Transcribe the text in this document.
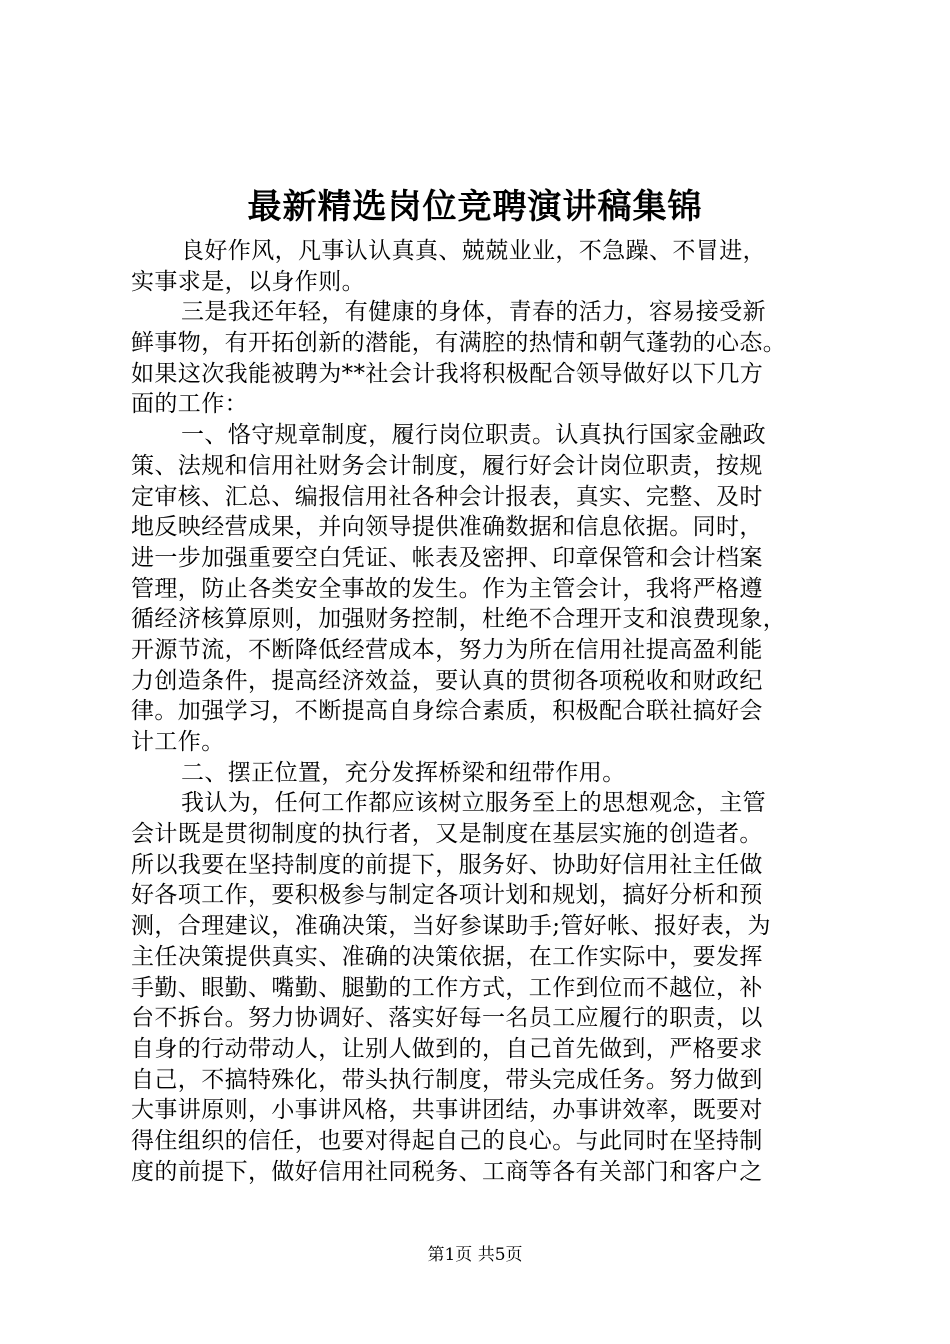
最新精选岗位竞聘演讲稿集锦
良好作风，凡事认认真真、兢兢业业，不急躁、不冒进，
实事求是，以身作则。
三是我还年轻，有健康的身体，青春的活力，容易接受新
鲜事物，有开拓创新的潜能，有满腔的热情和朝气蓬勃的心态。
如果这次我能被聘为**社会计我将积极配合领导做好以下几方
面的工作：
一、恪守规章制度，履行岗位职责。认真执行国家金融政
策、法规和信用社财务会计制度，履行好会计岗位职责，按规
定审核、汇总、编报信用社各种会计报表，真实、完整、及时
地反映经营成果，并向领导提供准确数据和信息依据。同时，
进一步加强重要空白凭证、帐表及密押、印章保管和会计档案
管理，防止各类安全事故的发生。作为主管会计，我将严格遵
循经济核算原则，加强财务控制，杜绝不合理开支和浪费现象，
开源节流，不断降低经营成本，努力为所在信用社提高盈利能
力创造条件，提高经济效益，要认真的贯彻各项税收和财政纪
律。加强学习，不断提高自身综合素质，积极配合联社搞好会
计工作。
二、摆正位置，充分发挥桥梁和纽带作用。
我认为，任何工作都应该树立服务至上的思想观念，主管
会计既是贯彻制度的执行者，又是制度在基层实施的创造者。
所以我要在坚持制度的前提下，服务好、协助好信用社主任做
好各项工作，要积极参与制定各项计划和规划，搞好分析和预
测，合理建议，准确决策，当好参谋助手;管好帐、报好表，为
主任决策提供真实、准确的决策依据，在工作实际中，要发挥
手勤、眼勤、嘴勤、腿勤的工作方式，工作到位而不越位，补
台不拆台。努力协调好、落实好每一名员工应履行的职责，以
自身的行动带动人，让别人做到的，自己首先做到，严格要求
自己，不搞特殊化，带头执行制度，带头完成任务。努力做到
大事讲原则，小事讲风格，共事讲团结，办事讲效率，既要对
得住组织的信任，也要对得起自己的良心。与此同时在坚持制
度的前提下，做好信用社同税务、工商等各有关部门和客户之
第1页 共5页
